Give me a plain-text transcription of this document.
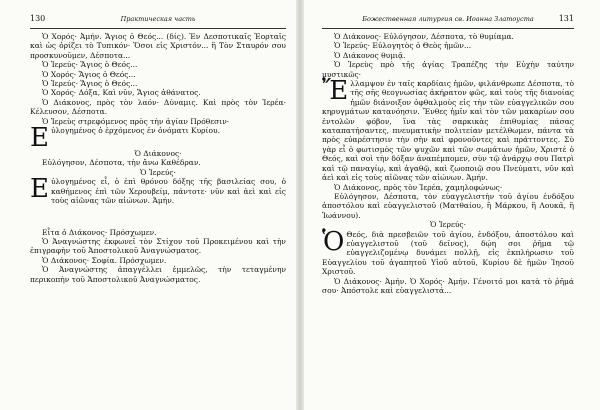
130	Практическая часть

Ὁ Χορός· Ἀμήν. Ἅγιος ὁ Θεός... (δίς). Ἐν Δεσποτικαῖς Ἑορταῖς καὶ ὡς ὁρίζει τὸ Τυπικόν· Ὅσοι εἰς Χριστόν... ἢ Τὸν Σταυρόν σου προσκυνοῦμεν, Δέσποτα...

Ὁ Ἱερεύς· Ἅγιος ὁ Θεός...

Ὁ Χορός· Ἅγιος ὁ Θεός...

Ὁ Ἱερεύς· Ἅγιος ὁ Θεός...

Ὁ Χορός· Δόξα, Καὶ νῦν, Ἅγιος ἀθάνατος.

Ὁ Διάκονος, πρὸς τὸν λαόν· Δύναμις. Καὶ πρὸς τὸν Ἱερέα· Κέλευσον, Δέσποτα.

Ὁ Ἱερεὺς στρεφόμενος πρὸς τὴν ἁγίαν Πρόθεσιν·

Ε ὐλογημένος ὁ ἐρχόμενος ἐν ὀνόματι Κυρίου.

Ὁ Διάκονος·

Εὐλόγησον, Δέσποτα, τὴν ἄνω Καθέδραν.

Ὁ Ἱερεύς·

Ε ὐλογημένος εἶ, ὁ ἐπὶ θρόνου δόξης τῆς βασιλείας σου, ὁ καθήμενος ἐπὶ τῶν Χερουβείμ, πάντοτε· νῦν καὶ ἀεὶ καὶ εἰς τοὺς αἰῶνας τῶν αἰώνων. Ἀμήν.

Εἶτα ὁ Διάκονος· Πρόσχωμεν.

Ὁ Ἀναγνώστης ἐκφωνεῖ τὸν Στίχον τοῦ Προκειμένου καὶ τὴν ἐπιγραφὴν τοῦ Ἀποστολικοῦ Ἀναγνώσματος.

Ὁ Διάκονος· Σοφία. Πρόσχωμεν.

Ὁ Ἀναγνώστης ἀπαγγέλλει ἐμμελῶς, τὴν τεταγμένην περικοπὴν τοῦ Ἀποστολικοῦ Ἀναγνώσματος.

Божественная литургия св. Иоанна Златоуста	131

Ὁ Διάκονος· Εὐλόγησον, Δέσποτα, τὸ θυμίαμα.

Ὁ Ἱερεύς· Εὐλογητὸς ὁ Θεὸς ἡμῶν...

Ὁ Διάκονος θυμιᾷ.

Ὁ Ἱερεὺς πρὸ τῆς ἁγίας Τραπέζης τὴν Εὐχὴν ταύτην μυστικῶς·

Ἔ λλαμψον ἐν ταῖς καρδίαις ἡμῶν, φιλάνθρωπε Δέσποτα, τὸ τῆς σῆς θεογνωσίας ἀκήρατον φῶς, καὶ τοὺς τῆς διανοίας ἡμῶν διάνοιξον ὀφθαλμοὺς εἰς τὴν τῶν εὐαγγελικῶν σου κηρυγμάτων κατανόησιν. Ἔνθες ἡμῖν καὶ τὸν τῶν μακαρίων σου ἐντολῶν φόβον, ἵνα τὰς σαρκικὰς ἐπιθυμίας πάσας καταπατήσαντες, πνευματικὴν πολιτείαν μετέλθωμεν, πάντα τὰ πρὸς εὐαρέστησιν τὴν σὴν καὶ φρονοῦντες καὶ πράττοντες. Σὺ γὰρ εἶ ὁ φωτισμὸς τῶν ψυχῶν καὶ τῶν σωμάτων ἡμῶν, Χριστὲ ὁ Θεός, καὶ σοὶ τὴν δόξαν ἀναπέμπομεν, σὺν τῷ ἀνάρχῳ σου Πατρὶ καὶ τῷ παναγίῳ, καὶ ἀγαθῷ, καὶ ζωοποιῷ σου Πνεύματι, νῦν καὶ ἀεὶ καὶ εἰς τοὺς αἰῶνας τῶν αἰώνων. Ἀμήν.

Ὁ Διάκονος, πρὸς τὸν Ἱερέα, χαμηλοφώνως·

Εὐλόγησον, Δέσποτα, τὸν εὐαγγελιστὴν τοῦ ἁγίου ἐνδόξου ἀποστόλου καὶ εὐαγγελιστοῦ (Ματθαίου, ἢ Μάρκου, ἢ Λουκᾶ, ἢ Ἰωάννου).

Ὁ Ἱερεύς·

Ὁ Θεός, διὰ πρεσβειῶν τοῦ ἁγίου, ἐνδόξου, ἀποστόλου καὶ εὐαγγελιστοῦ (τοῦ δεῖνος), δῴη σοι ῥῆμα τῷ εὐαγγελιζομένῳ δυνάμει πολλῇ, εἰς ἐκπλήρωσιν τοῦ Εὐαγγελίου τοῦ ἀγαπητοῦ Υἱοῦ αὐτοῦ, Κυρίου δὲ ἡμῶν Ἰησοῦ Χριστοῦ.

Ὁ Διάκονος· Ἀμήν. Ὁ Χορός· Ἀμήν. Γένοιτό μοι κατὰ τὸ ῥῆμά σου· Ἀπόστολε καὶ εὐαγγελιστά...
